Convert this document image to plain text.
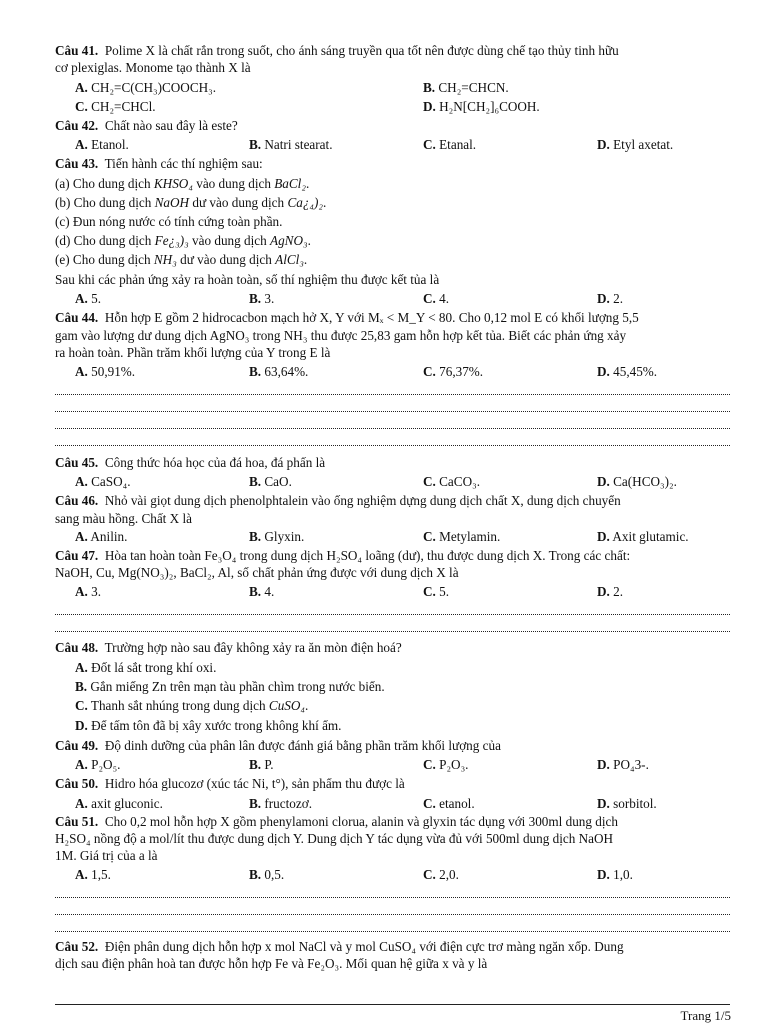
Câu 41. Polime X là chất rắn trong suốt, cho ánh sáng truyền qua tốt nên được dùng chế tạo thủy tinh hữu
cơ plexiglas. Monome tạo thành X là
A. CH₂=C(CH₃)COOCH₃.	B. CH₂=CHCN.
C. CH₂=CHCl.	D. H₂N[CH₂]₆COOH.
Câu 42. Chất nào sau đây là este?
A. Etanol.	B. Natri stearat.	C. Etanal.	D. Etyl axetat.
Câu 43. Tiến hành các thí nghiệm sau:
(a) Cho dung dịch KHSO₄ vào dung dịch BaCl₂.
(b) Cho dung dịch NaOH dư vào dung dịch Ca¿₄)₂.
(c) Đun nóng nước có tính cứng toàn phần.
(d) Cho dung dịch Fe¿₃)₃ vào dung dịch AgNO₃.
(e) Cho dung dịch NH₃ dư vào dung dịch AlCl₃.
Sau khi các phản ứng xảy ra hoàn toàn, số thí nghiệm thu được kết tủa là
A. 5.	B. 3.	C. 4.	D. 2.
Câu 44. Hỗn hợp E gồm 2 hidrocacbon mạch hở X, Y với Mₓ < M_Y < 80. Cho 0,12 mol E có khối lượng 5,5
gam vào lượng dư dung dịch AgNO₃ trong NH₃ thu được 25,83 gam hỗn hợp kết tủa. Biết các phản ứng xảy
ra hoàn toàn. Phần trăm khối lượng của Y trong E là
A. 50,91%.	B. 63,64%.	C. 76,37%.	D. 45,45%.
Câu 45. Công thức hóa học của đá hoa, đá phấn là
A. CaSO₄.	B. CaO.	C. CaCO₃.	D. Ca(HCO₃)₂.
Câu 46. Nhỏ vài giọt dung dịch phenolphtalein vào ống nghiệm dựng dung dịch chất X, dung dịch chuyển
sang màu hồng. Chất X là
A. Anilin.	B. Glyxin.	C. Metylamin.	D. Axit glutamic.
Câu 47. Hòa tan hoàn toàn Fe₃O₄ trong dung dịch H₂SO₄ loãng (dư), thu được dung dịch X. Trong các chất:
NaOH, Cu, Mg(NO₃)₂, BaCl₂, Al, số chất phản ứng được với dung dịch X là
A. 3.	B. 4.	C. 5.	D. 2.
Câu 48. Trường hợp nào sau đây không xảy ra ăn mòn điện hoá?
A. Đốt lá sắt trong khí oxi.
B. Gắn miếng Zn trên mạn tàu phần chìm trong nước biển.
C. Thanh sắt nhúng trong dung dịch CuSO₄.
D. Để tấm tôn đã bị xây xước trong không khí ẩm.
Câu 49. Độ dinh dưỡng của phân lân được đánh giá bằng phần trăm khối lượng của
A. P₂O₅.	B. P.	C. P₂O₃.	D. PO₄3-.
Câu 50. Hidro hóa glucozơ (xúc tác Ni, t°), sản phẩm thu được là
A. axit gluconic.	B. fructozơ.	C. etanol.	D. sorbitol.
Câu 51. Cho 0,2 mol hỗn hợp X gồm phenylamoni clorua, alanin và glyxin tác dụng với 300ml dung dịch
H₂SO₄ nồng độ a mol/lít thu được dung dịch Y. Dung dịch Y tác dụng vừa đủ với 500ml dung dịch NaOH
1M. Giá trị của a là
A. 1,5.	B. 0,5.	C. 2,0.	D. 1,0.
Câu 52. Điện phân dung dịch hỗn hợp x mol NaCl và y mol CuSO₄ với điện cực trơ màng ngăn xốp. Dung
dịch sau điện phân hoà tan được hỗn hợp Fe và Fe₂O₃. Mối quan hệ giữa x và y là
Trang 1/5
